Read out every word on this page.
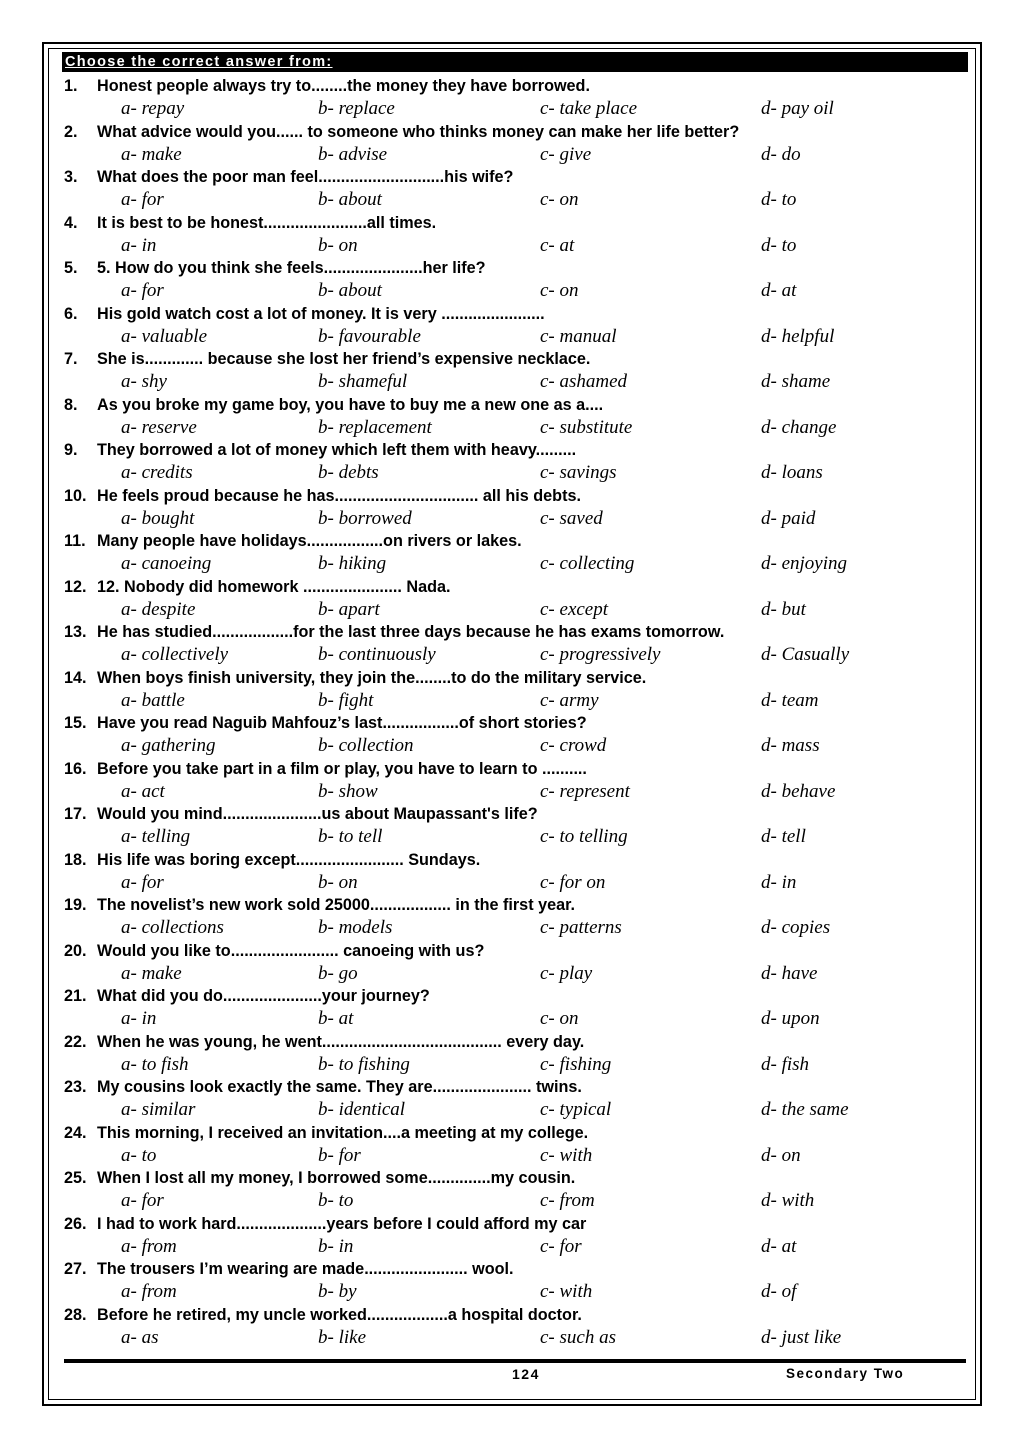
Choose the correct answer from:
1. Honest people always try to........the money they have borrowed.
a- repay	b- replace	c- take place	d- pay oil
2. What advice would you...... to someone who thinks money can make her life better?
a- make	b- advise	c- give	d- do
3. What does the poor man feel............................his wife?
a- for	b- about	c- on	d- to
4. It is best to be honest.......................all times.
a- in	b- on	c- at	d- to
5. 5. How do you think she feels......................her life?
a- for	b- about	c- on	d- at
6. His gold watch cost a lot of money. It is very .......................
a- valuable	b- favourable	c- manual	d- helpful
7. She is............. because she lost her friend’s expensive necklace.
a- shy	b- shameful	c- ashamed	d- shame
8. As you broke my game boy, you have to buy me a new one as a....
a- reserve	b- replacement	c- substitute	d- change
9. They borrowed a lot of money which left them with heavy.........
a- credits	b- debts	c- savings	d- loans
10. He feels proud because he has................................ all his debts.
a- bought	b- borrowed	c- saved	d- paid
11. Many people have holidays.................on rivers or lakes.
a- canoeing	b- hiking	c- collecting	d- enjoying
12. 12. Nobody did homework ...................... Nada.
a- despite	b- apart	c- except	d- but
13. He has studied..................for the last three days because he has exams tomorrow.
a- collectively	b- continuously	c- progressively	d- Casually
14. When boys finish university, they join the........to do the military service.
a- battle	b- fight	c- army	d- team
15. Have you read Naguib Mahfouz’s last.................of short stories?
a- gathering	b- collection	c- crowd	d- mass
16. Before you take part in a film or play, you have to learn to ..........
a- act	b- show	c- represent	d- behave
17. Would you mind......................us about Maupassant's life?
a- telling	b- to tell	c- to telling	d- tell
18. His life was boring except........................ Sundays.
a- for	b- on	c- for on	d- in
19. The novelist’s new work sold 25000.................. in the first year.
a- collections	b- models	c- patterns	d- copies
20. Would you like to........................ canoeing with us?
a- make	b- go	c- play	d- have
21. What did you do......................your journey?
a- in	b- at	c- on	d- upon
22. When he was young, he went........................................ every day.
a- to fish	b- to fishing	c- fishing	d- fish
23. My cousins look exactly the same. They are...................... twins.
a- similar	b- identical	c- typical	d- the same
24. This morning, I received an invitation....a meeting at my college.
a- to	b- for	c- with	d- on
25. When I lost all my money, I borrowed some..............my cousin.
a- for	b- to	c- from	d- with
26. I had to work hard....................years before I could afford my car
a- from	b- in	c- for	d- at
27. The trousers I’m wearing are made....................... wool.
a- from	b- by	c- with	d- of
28. Before he retired, my uncle worked..................a hospital doctor.
a- as	b- like	c- such as	d- just like
124	Secondary Two
